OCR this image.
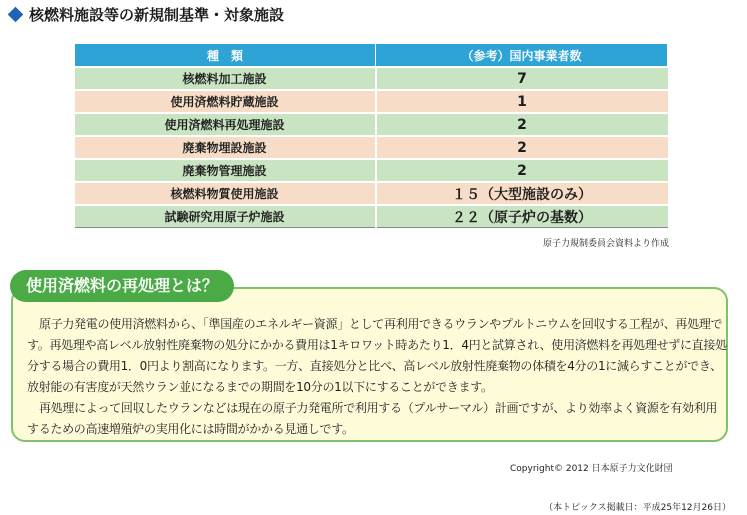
核燃料施設等の新規制基準・対象施設
種　類	（参考）国内事業者数
核燃料加工施設	7
使用済燃料貯蔵施設	1
使用済燃料再処理施設	2
廃棄物埋設施設	2
廃棄物管理施設	2
核燃料物質使用施設	１５（大型施設のみ）
試験研究用原子炉施設	２２（原子炉の基数）
原子力規制委員会資料より作成
使用済燃料の再処理とは？

原子力発電の使用済燃料から、「準国産のエネルギー資源」として再利用できるウランやプルトニウムを回収する工程が、再処理です。再処理や高レベル放射性廃棄物の処分にかかる費用は1キロワット時あたり1．4円と試算され、使用済燃料を再処理せずに直接処分する場合の費用1．0円より割高になります。一方、直接処分と比べ、高レベル放射性廃棄物の体積を4分の1に減らすことができ、放射能の有害度が天然ウラン並になるまでの期間を10分の1以下にすることができます。

再処理によって回収したウランなどは現在の原子力発電所で利用する（プルサーマル）計画ですが、より効率よく資源を有効利用するための高速増殖炉の実用化には時間がかかる見通しです。

Copyright© 2012 日本原子力文化財団
（本トピックス掲載日：平成25年12月26日）
